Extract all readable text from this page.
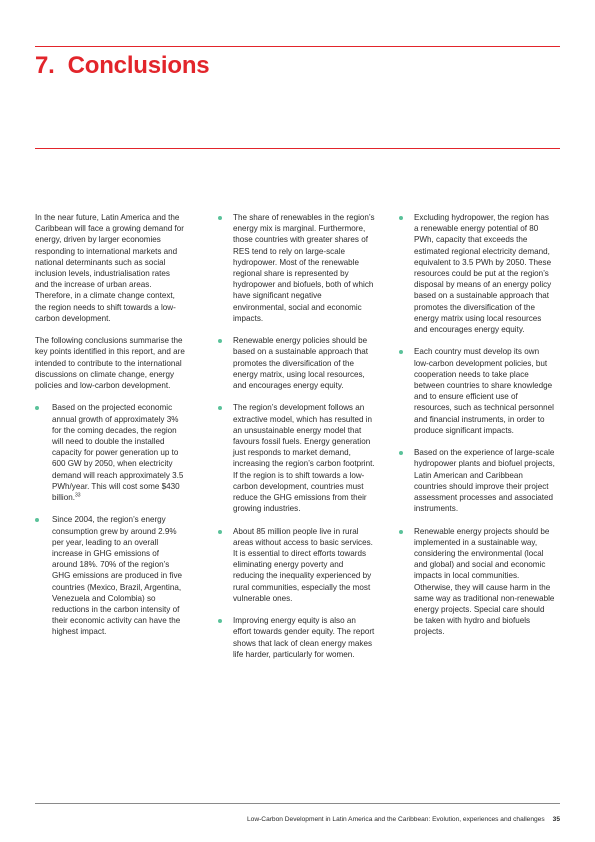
7. Conclusions

In the near future, Latin America and the Caribbean will face a growing demand for energy, driven by larger economies responding to international markets and national determinants such as social inclusion levels, industrialisation rates and the increase of urban areas. Therefore, in a climate change context, the region needs to shift towards a low-carbon development.

The following conclusions summarise the key points identified in this report, and are intended to contribute to the international discussions on climate change, energy policies and low-carbon development.

Based on the projected economic annual growth of approximately 3% for the coming decades, the region will need to double the installed capacity for power generation up to 600 GW by 2050, when electricity demand will reach approximately 3.5 PWh/year. This will cost some $430 billion.$^{33}$
Since 2004, the region’s energy consumption grew by around 2.9% per year, leading to an overall increase in GHG emissions of around 18%. 70% of the region’s GHG emissions are produced in five countries (Mexico, Brazil, Argentina, Venezuela and Colombia) so reductions in the carbon intensity of their economic activity can have the highest impact.
The share of renewables in the region’s energy mix is marginal. Furthermore, those countries with greater shares of RES tend to rely on large-scale hydropower. Most of the renewable regional share is represented by hydropower and biofuels, both of which have significant negative environmental, social and economic impacts.
Renewable energy policies should be based on a sustainable approach that promotes the diversification of the energy matrix, using local resources, and encourages energy equity.
The region’s development follows an extractive model, which has resulted in an unsustainable energy model that favours fossil fuels. Energy generation just responds to market demand, increasing the region’s carbon footprint. If the region is to shift towards a low-carbon development, countries must reduce the GHG emissions from their growing industries.
About 85 million people live in rural areas without access to basic services. It is essential to direct efforts towards eliminating energy poverty and reducing the inequality experienced by rural communities, especially the most vulnerable ones.
Improving energy equity is also an effort towards gender equity. The report shows that lack of clean energy makes life harder, particularly for women.
Excluding hydropower, the region has a renewable energy potential of 80 PWh, capacity that exceeds the estimated regional electricity demand, equivalent to 3.5 PWh by 2050. These resources could be put at the region’s disposal by means of an energy policy based on a sustainable approach that promotes the diversification of the energy matrix using local resources and encourages energy equity.
Each country must develop its own low-carbon development policies, but cooperation needs to take place between countries to share knowledge and to ensure efficient use of resources, such as technical personnel and financial instruments, in order to produce significant impacts.
Based on the experience of large-scale hydropower plants and biofuel projects, Latin American and Caribbean countries should improve their project assessment processes and associated instruments.
Renewable energy projects should be implemented in a sustainable way, considering the environmental (local and global) and social and economic impacts in local communities. Otherwise, they will cause harm in the same way as traditional non-renewable energy projects. Special care should be taken with hydro and biofuels projects.
Low-Carbon Development in Latin America and the Caribbean: Evolution, experiences and challenges 35
